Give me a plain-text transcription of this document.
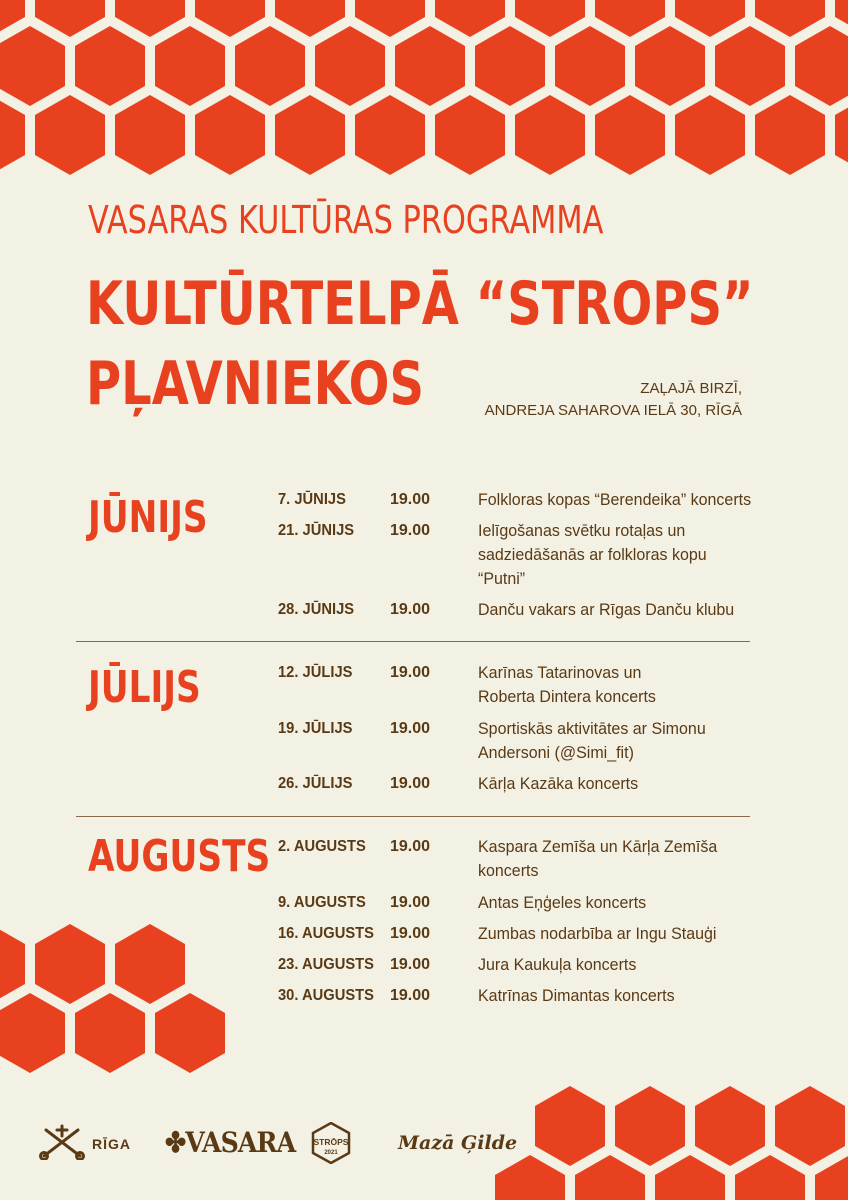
VASARAS KULTŪRAS PROGRAMMA
KULTŪRTELPĀ “STROPS”
PĻAVNIEKOS	ZAĻAJĀ BIRZĪ,
ANDREJA SAHAROVA IELĀ 30, RĪGĀ
JŪNIJS	7. JŪNIJS	19.00	Folkloras kopas “Berendeika” koncerts
21. JŪNIJS 19.00	Ielīgošanas svētku rotaļas un sadziedāšanās ar folkloras kopu “Putni”
28. JŪNIJS 19.00	Danču vakars ar Rīgas Danču klubu
JŪLIJS	12. JŪLIJS 19.00	Karīnas Tatarinovas un Roberta Dintera koncerts
19. JŪLIJS 19.00	Sportiskās aktivitātes ar Simonu Andersoni (@Simi_fit)
26. JŪLIJS 19.00	Kārļa Kazāka koncerts
AUGUSTS 2. AUGUSTS 19.00	Kaspara Zemīša un Kārļa Zemīša koncerts
9. AUGUSTS 19.00	Antas Eņģeles koncerts
16. AUGUSTS 19.00	Zumbas nodarbība ar Ingu Stauģi
23. AUGUSTS 19.00	Jura Kaukuļa koncerts
30. AUGUSTS 19.00	Katrīnas Dimantas koncerts
RĪGA ✤VASARA STRŌPS
2021	Mazā Ģilde
